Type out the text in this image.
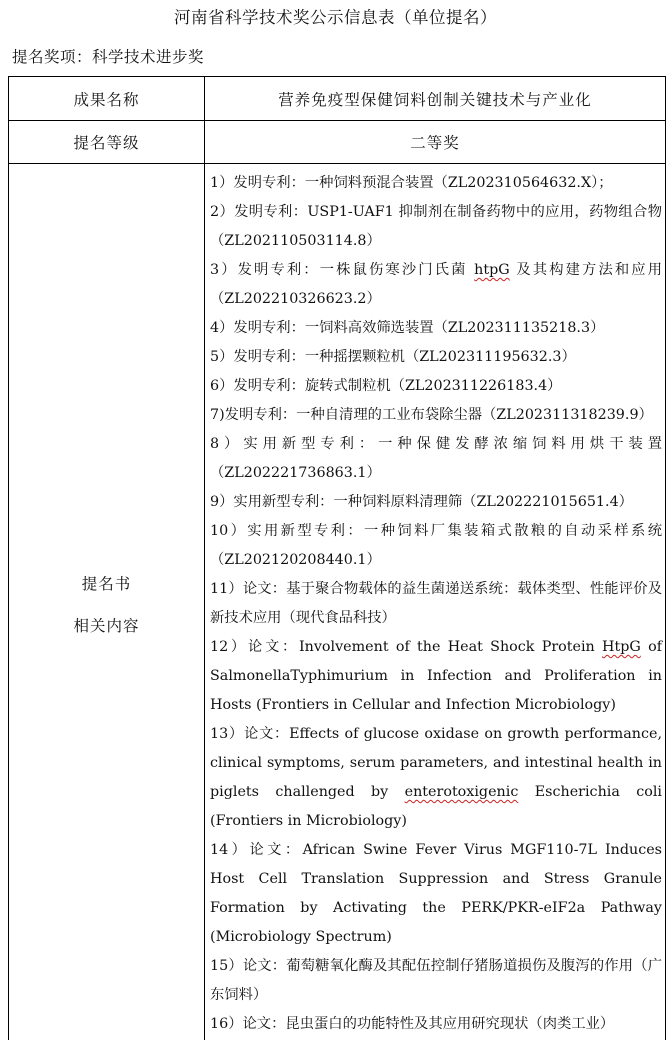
河南省科学技术奖公示信息表（单位提名）
提名奖项：科学技术进步奖
成果名称	营养免疫型保健饲料创制关键技术与产业化
提名等级	二等奖
提名书
相关内容
1）发明专利：一种饲料预混合装置（ZL202310564632.X）；
2）发明专利：USP1-UAF1 抑制剂在制备药物中的应用，药物组合物（ZL202110503114.8）
3）发明专利：一株鼠伤寒沙门氏菌 htpG 及其构建方法和应用（ZL202210326623.2）
4）发明专利：一饲料高效筛选装置（ZL202311135218.3）
5）发明专利：一种摇摆颗粒机（ZL202311195632.3）
6）发明专利：旋转式制粒机（ZL202311226183.4）
7)发明专利：一种自清理的工业布袋除尘器（ZL202311318239.9）
8）实用新型专利：一种保健发酵浓缩饲料用烘干装置（ZL202221736863.1）
9）实用新型专利：一种饲料原料清理筛（ZL202221015651.4）
10）实用新型专利：一种饲料厂集装箱式散粮的自动采样系统（ZL202120208440.1）
11）论文：基于聚合物载体的益生菌递送系统：载体类型、性能评价及新技术应用（现代食品科技）
12）论文：Involvement of the Heat Shock Protein HtpG of SalmonellaTyphimurium in Infection and Proliferation in Hosts (Frontiers in Cellular and Infection Microbiology)
13）论文：Effects of glucose oxidase on growth performance, clinical symptoms, serum parameters, and intestinal health in piglets challenged by enterotoxigenic Escherichia coli (Frontiers in Microbiology)
14）论文：African Swine Fever Virus MGF110-7L Induces Host Cell Translation Suppression and Stress Granule Formation by Activating the PERK/PKR-eIF2a Pathway (Microbiology Spectrum)
15）论文：葡萄糖氧化酶及其配伍控制仔猪肠道损伤及腹泻的作用（广东饲料）
16）论文：昆虫蛋白的功能特性及其应用研究现状（肉类工业）
